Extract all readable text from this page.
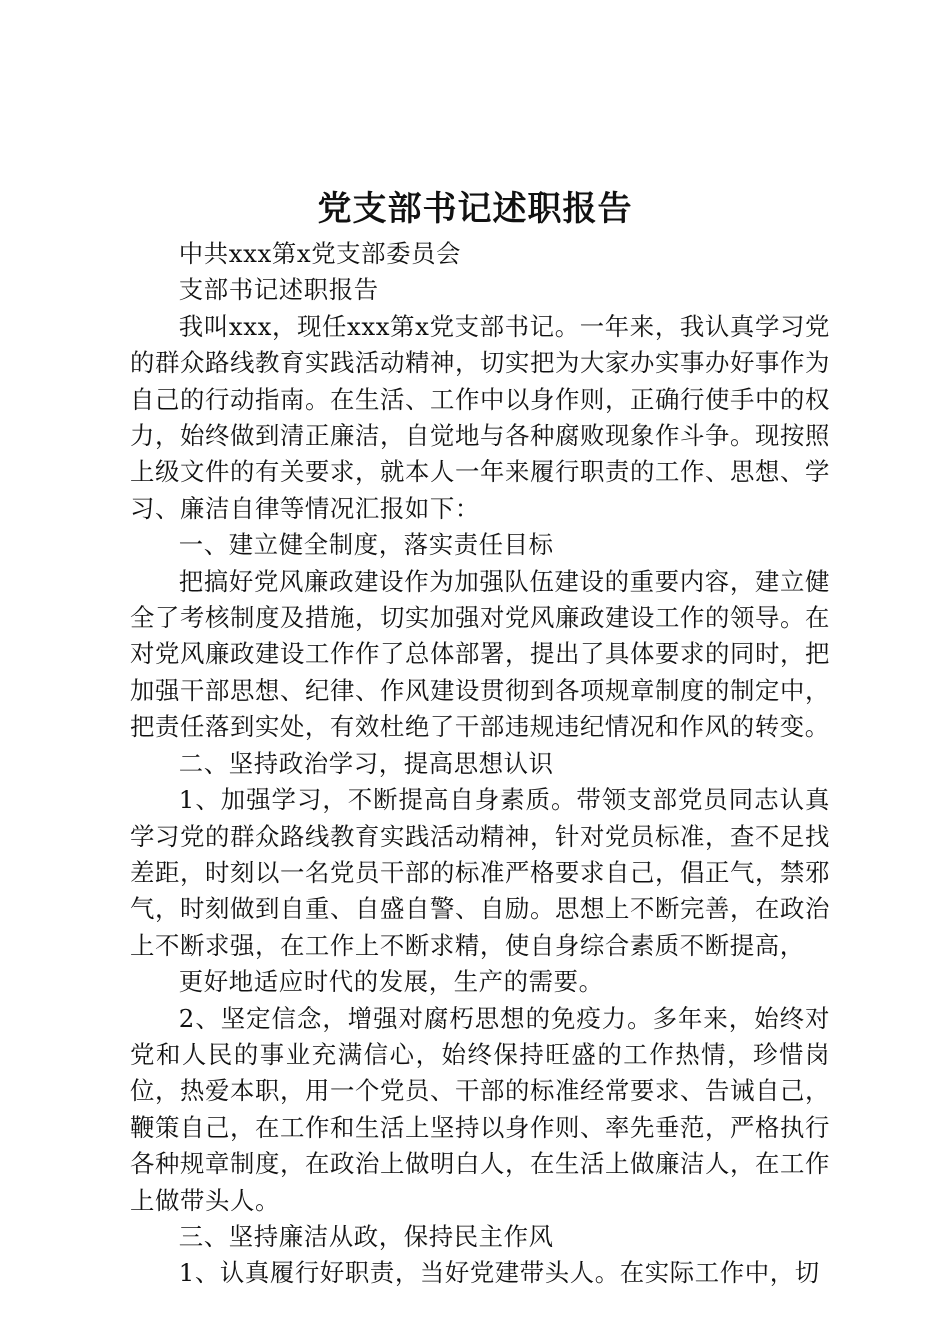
党支部书记述职报告

中共xxx第x党支部委员会

支部书记述职报告

我叫xxx，现任xxx第x党支部书记。一年来，我认真学习党的群众路线教育实践活动精神，切实把为大家办实事办好事作为自己的行动指南。在生活、工作中以身作则，正确行使手中的权力，始终做到清正廉洁，自觉地与各种腐败现象作斗争。现按照上级文件的有关要求，就本人一年来履行职责的工作、思想、学习、廉洁自律等情况汇报如下：

一、建立健全制度，落实责任目标

把搞好党风廉政建设作为加强队伍建设的重要内容，建立健全了考核制度及措施，切实加强对党风廉政建设工作的领导。在对党风廉政建设工作作了总体部署，提出了具体要求的同时，把加强干部思想、纪律、作风建设贯彻到各项规章制度的制定中，把责任落到实处，有效杜绝了干部违规违纪情况和作风的转变。

二、坚持政治学习，提高思想认识

1、加强学习，不断提高自身素质。带领支部党员同志认真学习党的群众路线教育实践活动精神，针对党员标准，查不足找差距，时刻以一名党员干部的标准严格要求自己，倡正气，禁邪气，时刻做到自重、自盛自警、自励。思想上不断完善，在政治上不断求强，在工作上不断求精，使自身综合素质不断提高，

更好地适应时代的发展，生产的需要。

2、坚定信念，增强对腐朽思想的免疫力。多年来，始终对党和人民的事业充满信心，始终保持旺盛的工作热情，珍惜岗位，热爱本职，用一个党员、干部的标准经常要求、告诫自己，鞭策自己，在工作和生活上坚持以身作则、率先垂范，严格执行各种规章制度，在政治上做明白人，在生活上做廉洁人，在工作上做带头人。

三、坚持廉洁从政，保持民主作风

1、认真履行好职责，当好党建带头人。在实际工作中，切
